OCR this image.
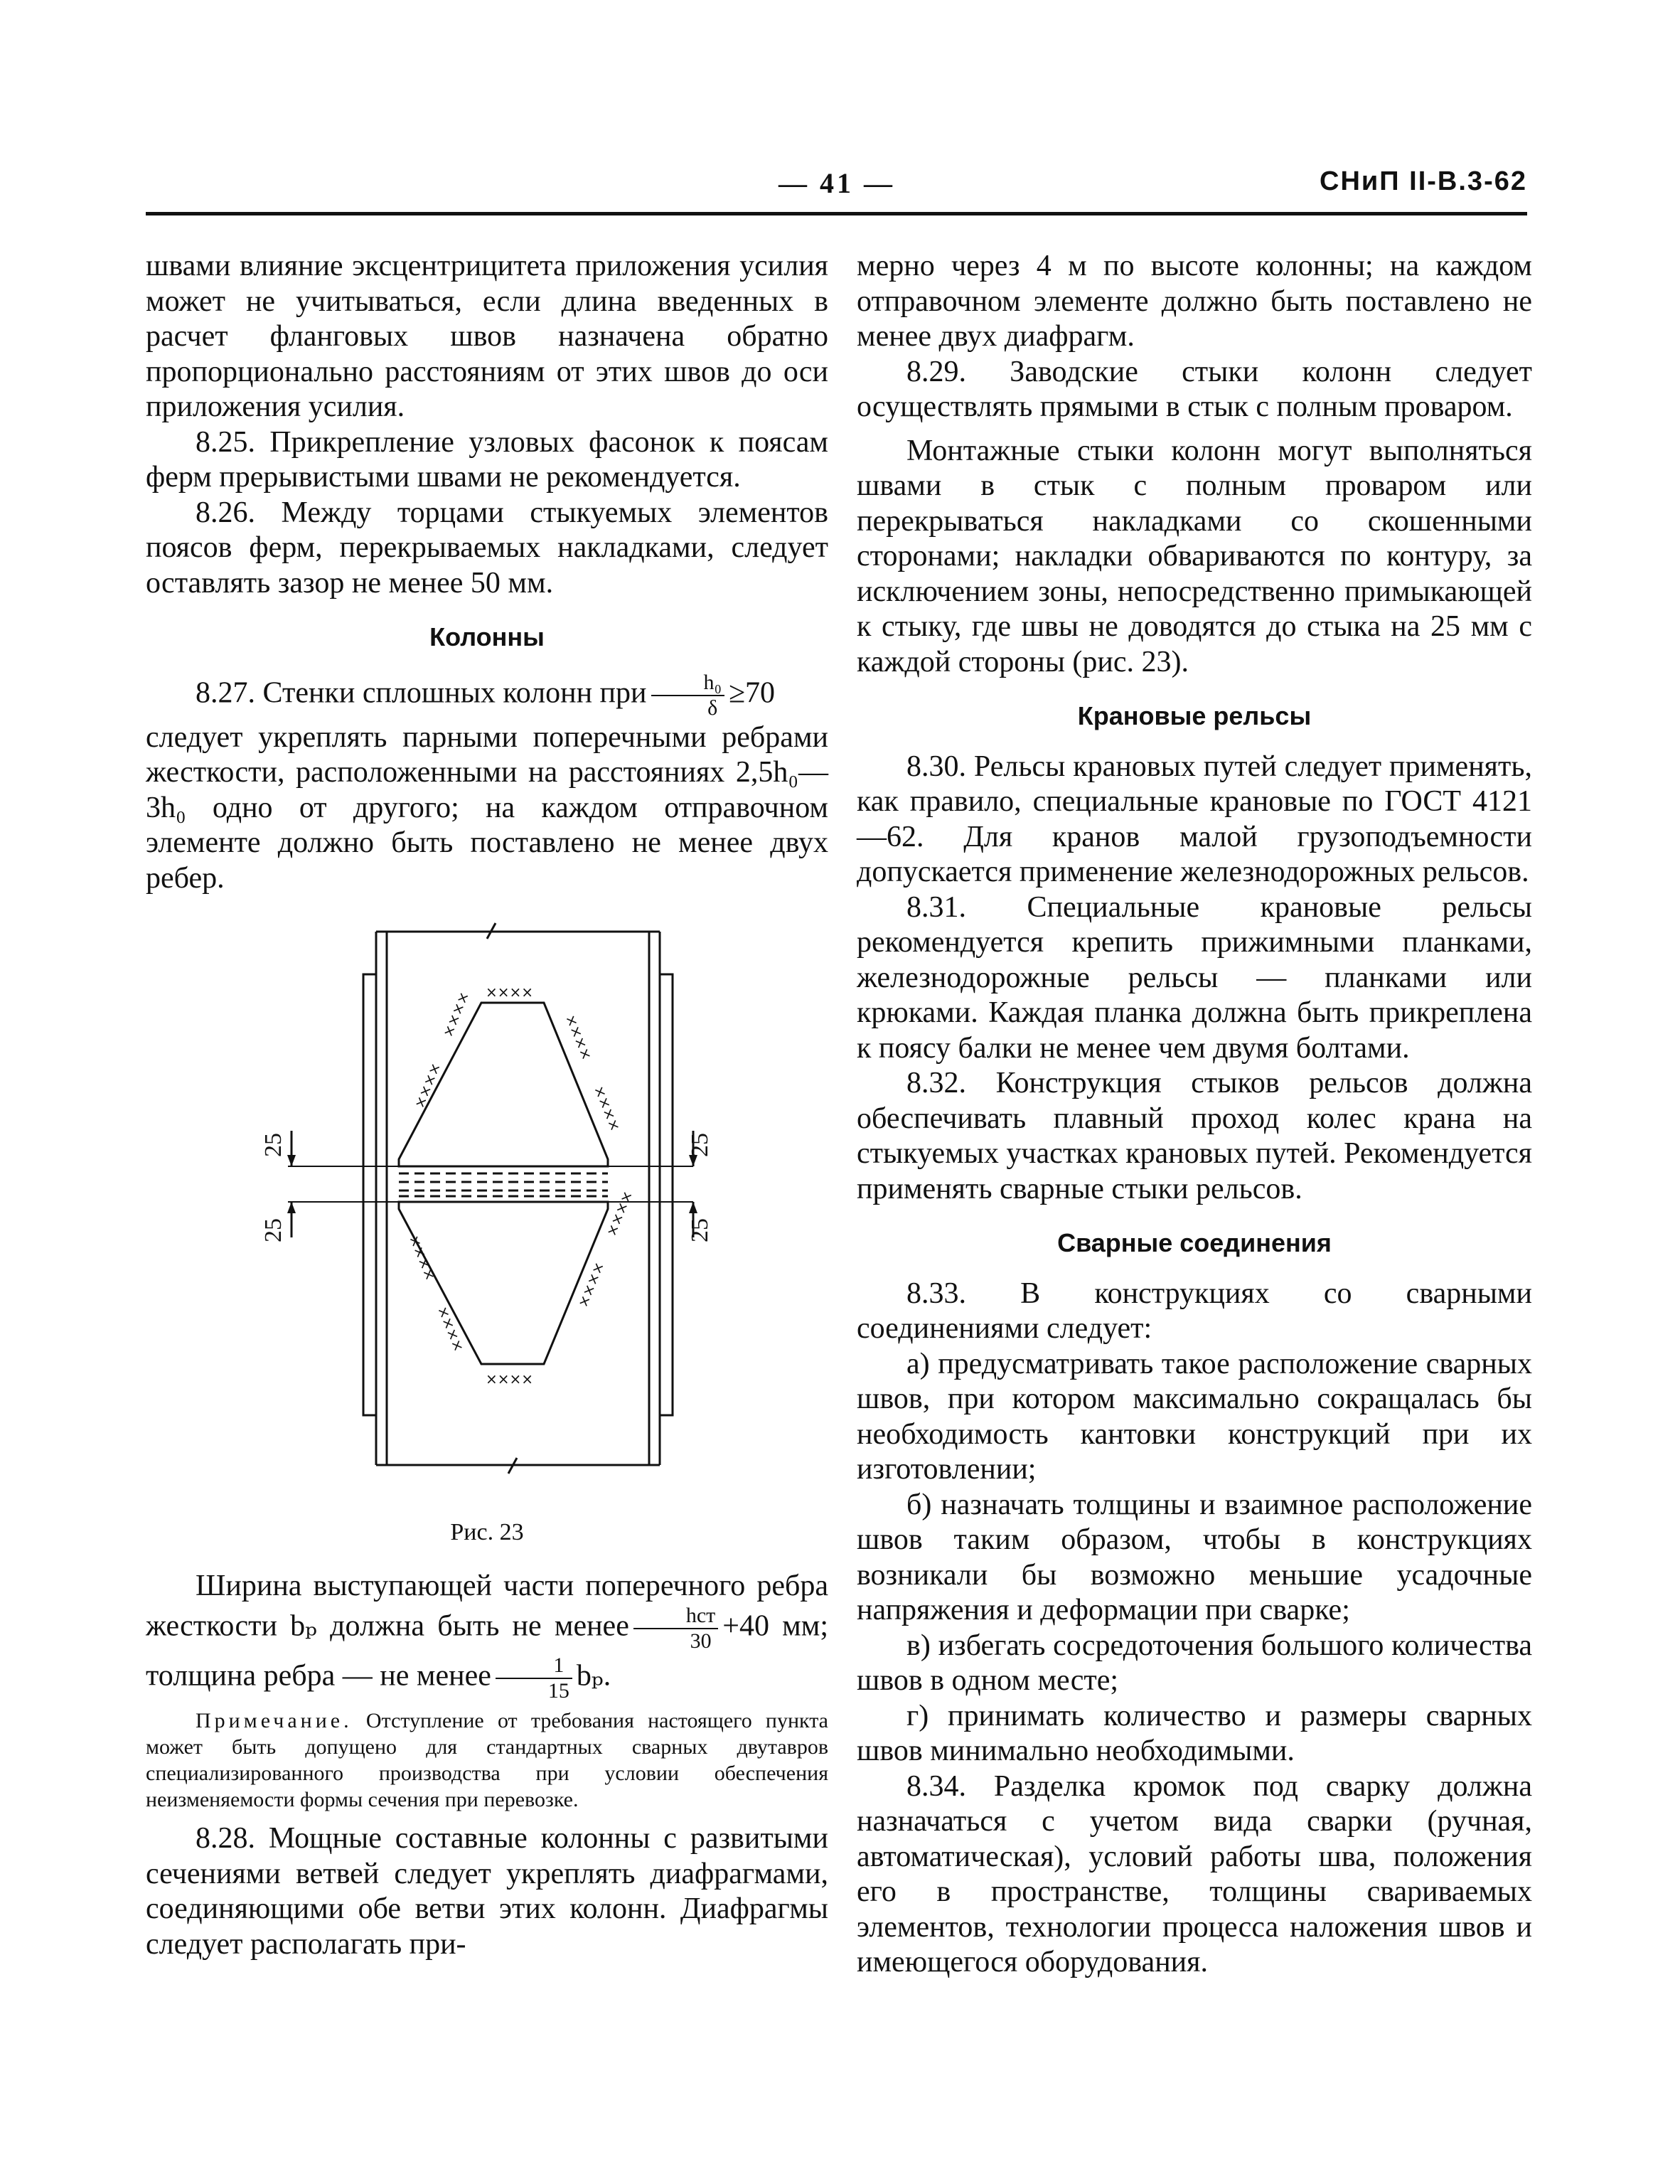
— 41 —	СНиП II-В.3-62

швами влияние эксцентрицитета приложения усилия может не учитываться, если длина введенных в расчет фланговых швов назначена обратно пропорционально расстояниям от этих швов до оси приложения усилия.

8.25. Прикрепление узловых фасонок к поясам ферм прерывистыми швами не рекомендуется.

8.26. Между торцами стыкуемых элементов поясов ферм, перекрываемых накладками, следует оставлять зазор не менее 50 мм.

Колонны

8.27. Стенки сплошных колонн при $\frac{\text{h₀}}{\delta} \ge 70$

следует укреплять парными поперечными ребрами жесткости, расположенными на расстояниях 2,5h₀—3h₀ одно от другого; на каждом отправочном элементе должно быть поставлено не менее двух ребер.

25
25
25
25
××××
××××
××××
××××
××××
××××
××××
××××
××××
××××

Рис. 23

Ширина выступающей части поперечного ребра жесткости bₚ должна быть не менее $\frac{\text{hст}}{30} +40$ мм; толщина ребра — не менее $\frac{1}{15} b_p$.

Примечание. Отступление от требования настоящего пункта может быть допущено для стандартных сварных двутавров специализированного производства при условии обеспечения неизменяемости формы сечения при перевозке.

8.28. Мощные составные колонны с развитыми сечениями ветвей следует укреплять диафрагмами, соединяющими обе ветви этих колонн. Диафрагмы следует располагать при-

мерно через 4 м по высоте колонны; на каждом отправочном элементе должно быть поставлено не менее двух диафрагм.

8.29. Заводские стыки колонн следует осуществлять прямыми в стык с полным проваром.

Монтажные стыки колонн могут выполняться швами в стык с полным проваром или перекрываться накладками со скошенными сторонами; накладки обвариваются по контуру, за исключением зоны, непосредственно примыкающей к стыку, где швы не доводятся до стыка на 25 мм с каждой стороны (рис. 23).

Крановые рельсы

8.30. Рельсы крановых путей следует применять, как правило, специальные крановые по ГОСТ 4121—62. Для кранов малой грузоподъемности допускается применение железнодорожных рельсов.

8.31. Специальные крановые рельсы рекомендуется крепить прижимными планками, железнодорожные рельсы — планками или крюками. Каждая планка должна быть прикреплена к поясу балки не менее чем двумя болтами.

8.32. Конструкция стыков рельсов должна обеспечивать плавный проход колес крана на стыкуемых участках крановых путей. Рекомендуется применять сварные стыки рельсов.

Сварные соединения

8.33. В конструкциях со сварными соединениями следует:

а) предусматривать такое расположение сварных швов, при котором максимально сокращалась бы необходимость кантовки конструкций при их изготовлении;

б) назначать толщины и взаимное расположение швов таким образом, чтобы в конструкциях возникали бы возможно меньшие усадочные напряжения и деформации при сварке;

в) избегать сосредоточения большого количества швов в одном месте;

г) принимать количество и размеры сварных швов минимально необходимыми.

8.34. Разделка кромок под сварку должна назначаться с учетом вида сварки (ручная, автоматическая), условий работы шва, положения его в пространстве, толщины свариваемых элементов, технологии процесса наложения швов и имеющегося оборудования.
